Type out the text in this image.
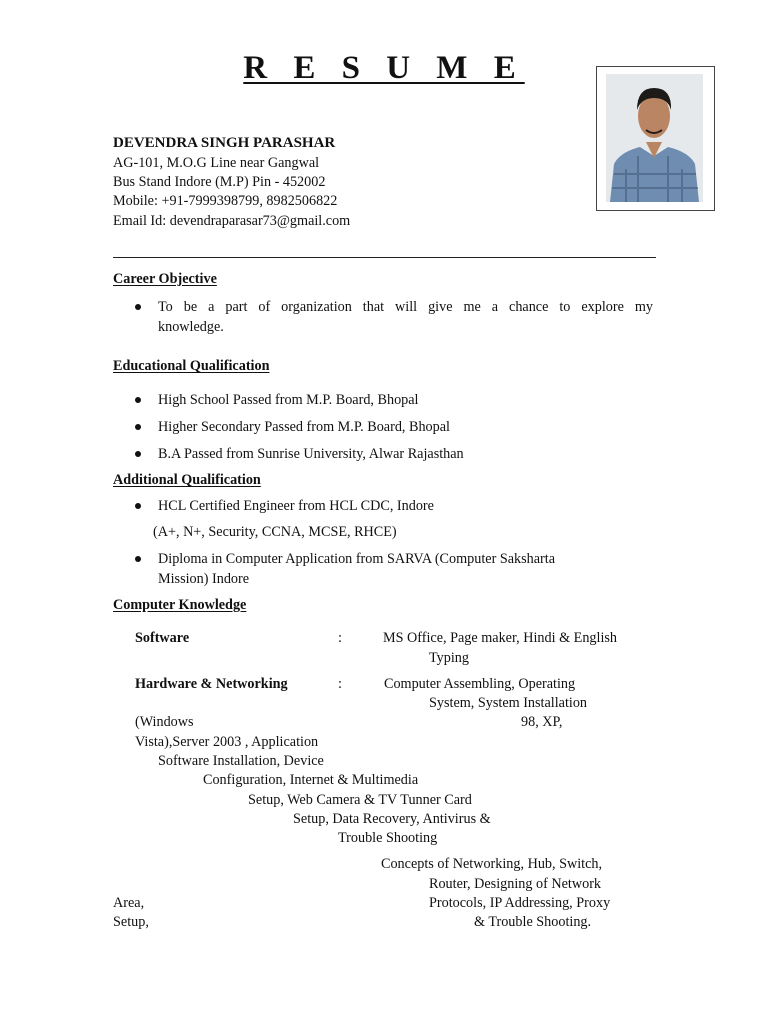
R E S U M E
DEVENDRA SINGH PARASHAR
AG-101, M.O.G Line near Gangwal
Bus Stand Indore (M.P) Pin - 452002
Mobile: +91-7999398799, 8982506822
Email Id: devendraparasar73@gmail.com
Career Objective
To be a part of organization that will give me a chance to explore my
knowledge.
Educational Qualification
High School Passed from M.P. Board, Bhopal
Higher Secondary Passed from M.P. Board, Bhopal
B.A Passed from Sunrise University, Alwar Rajasthan
Additional Qualification
HCL Certified Engineer from HCL CDC, Indore
(A+, N+, Security, CCNA, MCSE, RHCE)
Diploma in Computer Application from SARVA (Computer Saksharta
Mission) Indore
Computer Knowledge
Software	:	MS Office, Page maker, Hindi & English
Typing
Hardware & Networking	:	Computer Assembling, Operating
System, System Installation
(Windows	98, XP,
Vista),Server 2003 , Application
Software Installation, Device
Configuration, Internet & Multimedia
Setup, Web Camera & TV Tunner Card
Setup, Data Recovery, Antivirus &
Trouble Shooting
Concepts of Networking, Hub, Switch,
Router, Designing of Network
Area,	Protocols, IP Addressing, Proxy
Setup,	& Trouble Shooting.
